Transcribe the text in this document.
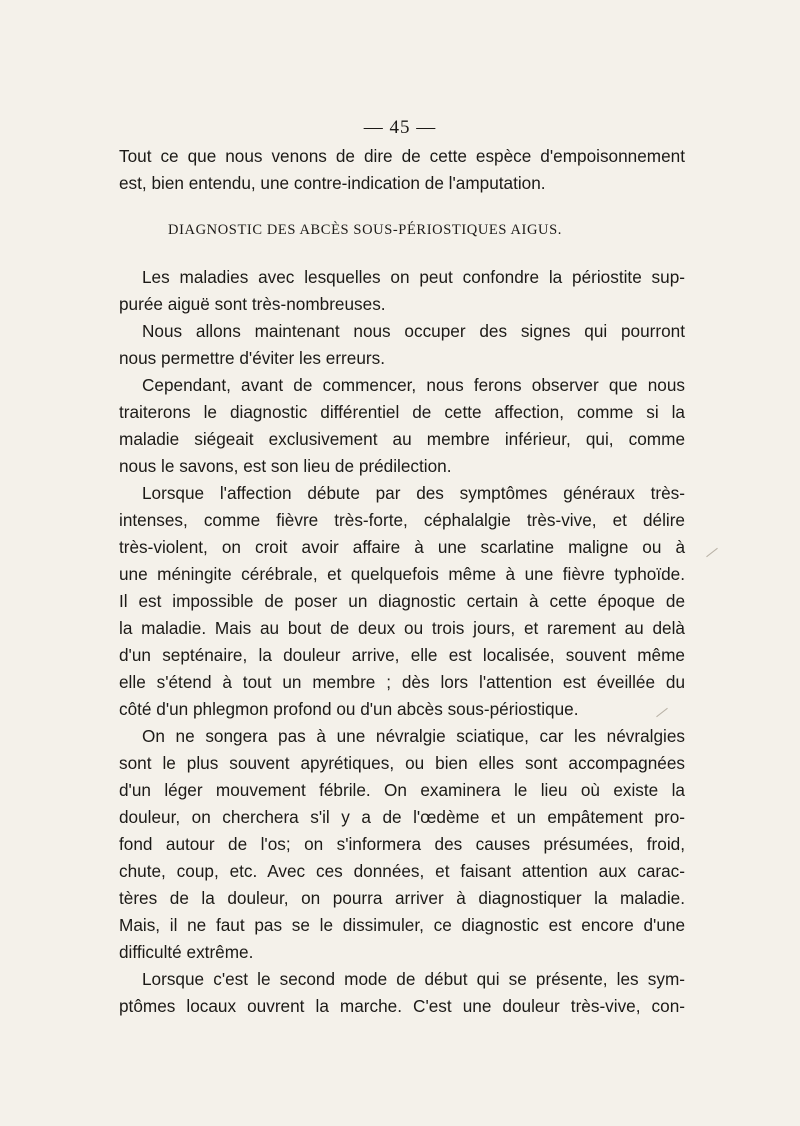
— 45 —
Tout ce que nous venons de dire de cette espèce d'empoisonnement
est, bien entendu, une contre-indication de l'amputation.
DIAGNOSTIC DES ABCÈS SOUS-PÉRIOSTIQUES AIGUS.
Les maladies avec lesquelles on peut confondre la périostite sup-
purée aiguë sont très-nombreuses.
Nous allons maintenant nous occuper des signes qui pourront
nous permettre d'éviter les erreurs.
Cependant, avant de commencer, nous ferons observer que nous
traiterons le diagnostic différentiel de cette affection, comme si la
maladie siégeait exclusivement au membre inférieur, qui, comme
nous le savons, est son lieu de prédilection.
Lorsque l'affection débute par des symptômes généraux très-
intenses, comme fièvre très-forte, céphalalgie très-vive, et délire
très-violent, on croit avoir affaire à une scarlatine maligne ou à
une méningite cérébrale, et quelquefois même à une fièvre typhoïde.
Il est impossible de poser un diagnostic certain à cette époque de
la maladie. Mais au bout de deux ou trois jours, et rarement au delà
d'un septénaire, la douleur arrive, elle est localisée, souvent même
elle s'étend à tout un membre ; dès lors l'attention est éveillée du
côté d'un phlegmon profond ou d'un abcès sous-périostique.
On ne songera pas à une névralgie sciatique, car les névralgies
sont le plus souvent apyrétiques, ou bien elles sont accompagnées
d'un léger mouvement fébrile. On examinera le lieu où existe la
douleur, on cherchera s'il y a de l'œdème et un empâtement pro-
fond autour de l'os; on s'informera des causes présumées, froid,
chute, coup, etc. Avec ces données, et faisant attention aux carac-
tères de la douleur, on pourra arriver à diagnostiquer la maladie.
Mais, il ne faut pas se le dissimuler, ce diagnostic est encore d'une
difficulté extrême.
Lorsque c'est le second mode de début qui se présente, les sym-
ptômes locaux ouvrent la marche. C'est une douleur très-vive, con-
